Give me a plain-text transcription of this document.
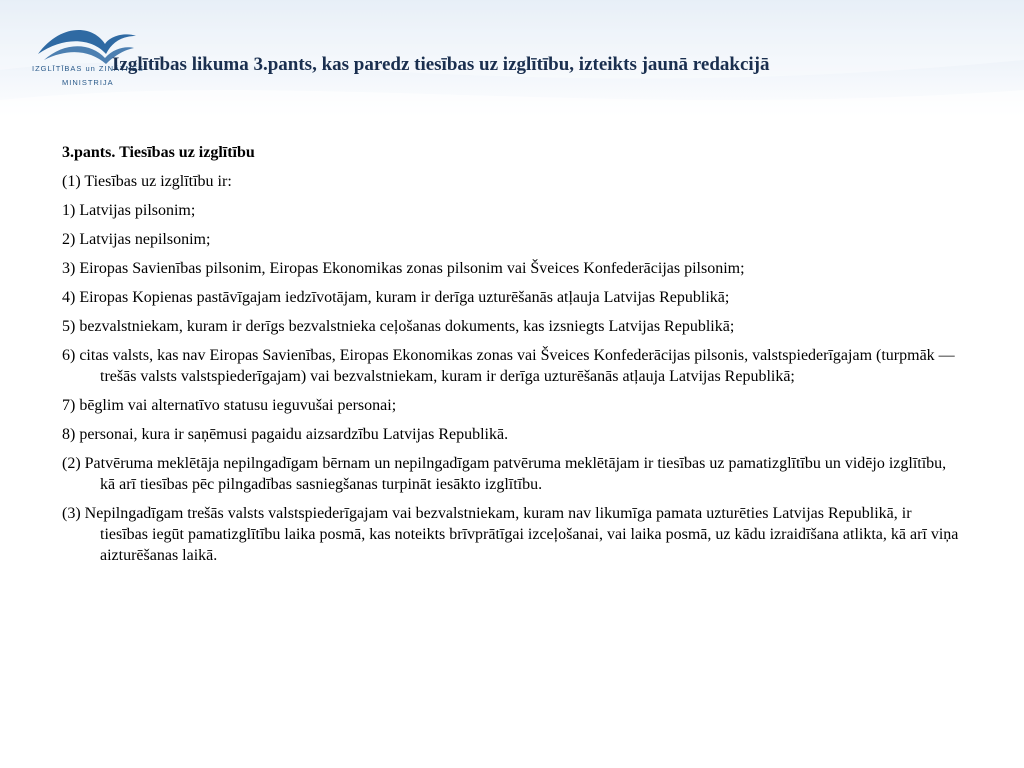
IZGLĪTĪBAS un ZINĀTNES
MINISTRIJA
Izglītības likuma 3.pants, kas paredz tiesības uz izglītību, izteikts jaunā redakcijā

3.pants. Tiesības uz izglītību

(1) Tiesības uz izglītību ir:

1) Latvijas pilsonim;

2) Latvijas nepilsonim;

3) Eiropas Savienības pilsonim, Eiropas Ekonomikas zonas pilsonim vai Šveices Konfederācijas pilsonim;

4) Eiropas Kopienas pastāvīgajam iedzīvotājam, kuram ir derīga uzturēšanās atļauja Latvijas Republikā;

5) bezvalstniekam, kuram ir derīgs bezvalstnieka ceļošanas dokuments, kas izsniegts Latvijas Republikā;

6) citas valsts, kas nav Eiropas Savienības, Eiropas Ekonomikas zonas vai Šveices Konfederācijas pilsonis, valstspiederīgajam (turpmāk — trešās valsts valstspiederīgajam) vai bezvalstniekam, kuram ir derīga uzturēšanās atļauja Latvijas Republikā;

7) bēglim vai alternatīvo statusu ieguvušai personai;

8) personai, kura ir saņēmusi pagaidu aizsardzību Latvijas Republikā.

(2) Patvēruma meklētāja nepilngadīgam bērnam un nepilngadīgam patvēruma meklētājam ir tiesības uz pamatizglītību un vidējo izglītību, kā arī tiesības pēc pilngadības sasniegšanas turpināt iesākto izglītību.

(3) Nepilngadīgam trešās valsts valstspiederīgajam vai bezvalstniekam, kuram nav likumīga pamata uzturēties Latvijas Republikā, ir tiesības iegūt pamatizglītību laika posmā, kas noteikts brīvprātīgai izceļošanai, vai laika posmā, uz kādu izraidīšana atlikta, kā arī viņa aizturēšanas laikā.
